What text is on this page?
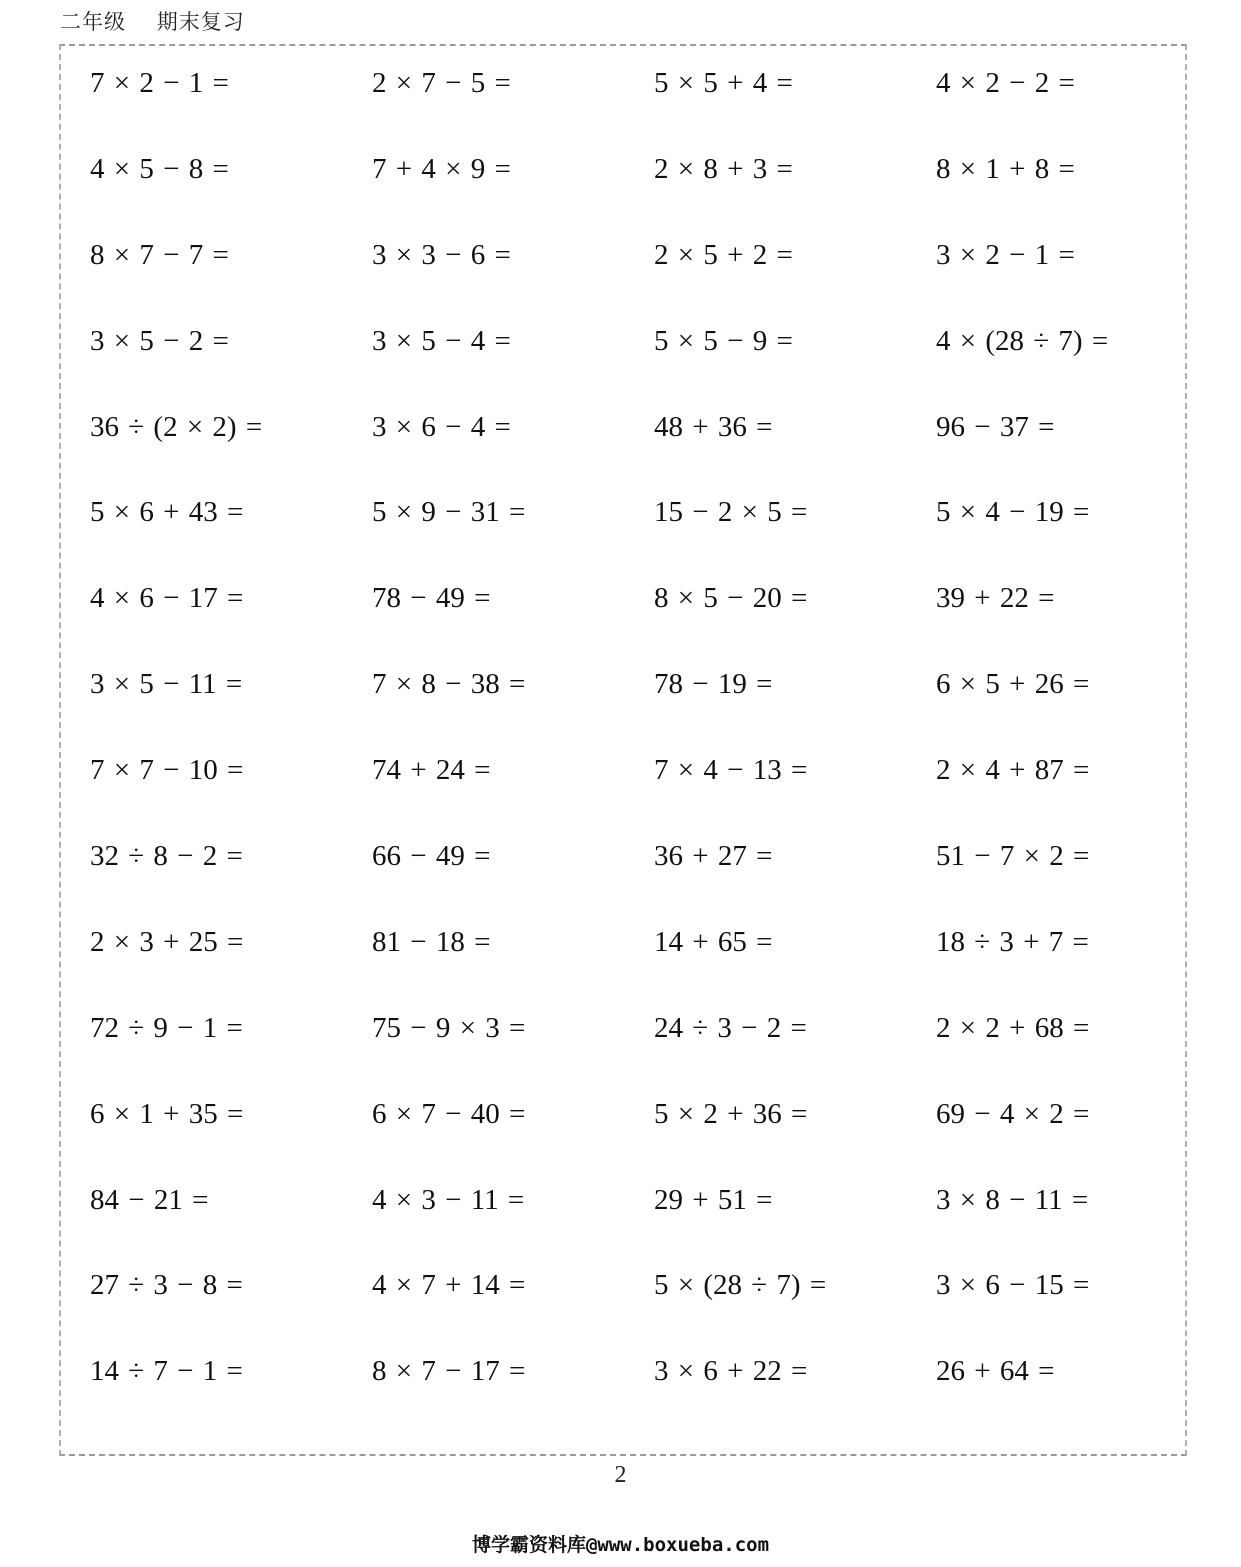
二年级    期末复习
7 × 2 − 1 =	2 × 7 − 5 =	5 × 5 + 4 =	4 × 2 − 2 =
4 × 5 − 8 =	7 + 4 × 9 =	2 × 8 + 3 =	8 × 1 + 8 =
8 × 7 − 7 =	3 × 3 − 6 =	2 × 5 + 2 =	3 × 2 − 1 =
3 × 5 − 2 =	3 × 5 − 4 =	5 × 5 − 9 =	4 × (28 ÷ 7) =
36 ÷ (2 × 2) =	3 × 6 − 4 =	48 + 36 =	96 − 37 =
5 × 6 + 43 =	5 × 9 − 31 =	15 − 2 × 5 =	5 × 4 − 19 =
4 × 6 − 17 =	78 − 49 =	8 × 5 − 20 =	39 + 22 =
3 × 5 − 11 =	7 × 8 − 38 =	78 − 19 =	6 × 5 + 26 =
7 × 7 − 10 =	74 + 24 =	7 × 4 − 13 =	2 × 4 + 87 =
32 ÷ 8 − 2 =	66 − 49 =	36 + 27 =	51 − 7 × 2 =
2 × 3 + 25 =	81 − 18 =	14 + 65 =	18 ÷ 3 + 7 =
72 ÷ 9 − 1 =	75 − 9 × 3 =	24 ÷ 3 − 2 =	2 × 2 + 68 =
6 × 1 + 35 =	6 × 7 − 40 =	5 × 2 + 36 =	69 − 4 × 2 =
84 − 21 =	4 × 3 − 11 =	29 + 51 =	3 × 8 − 11 =
27 ÷ 3 − 8 =	4 × 7 + 14 =	5 × (28 ÷ 7) =	3 × 6 − 15 =
14 ÷ 7 − 1 =	8 × 7 − 17 =	3 × 6 + 22 =	26 + 64 =
2
博学霸资料库@www.boxueba.com
